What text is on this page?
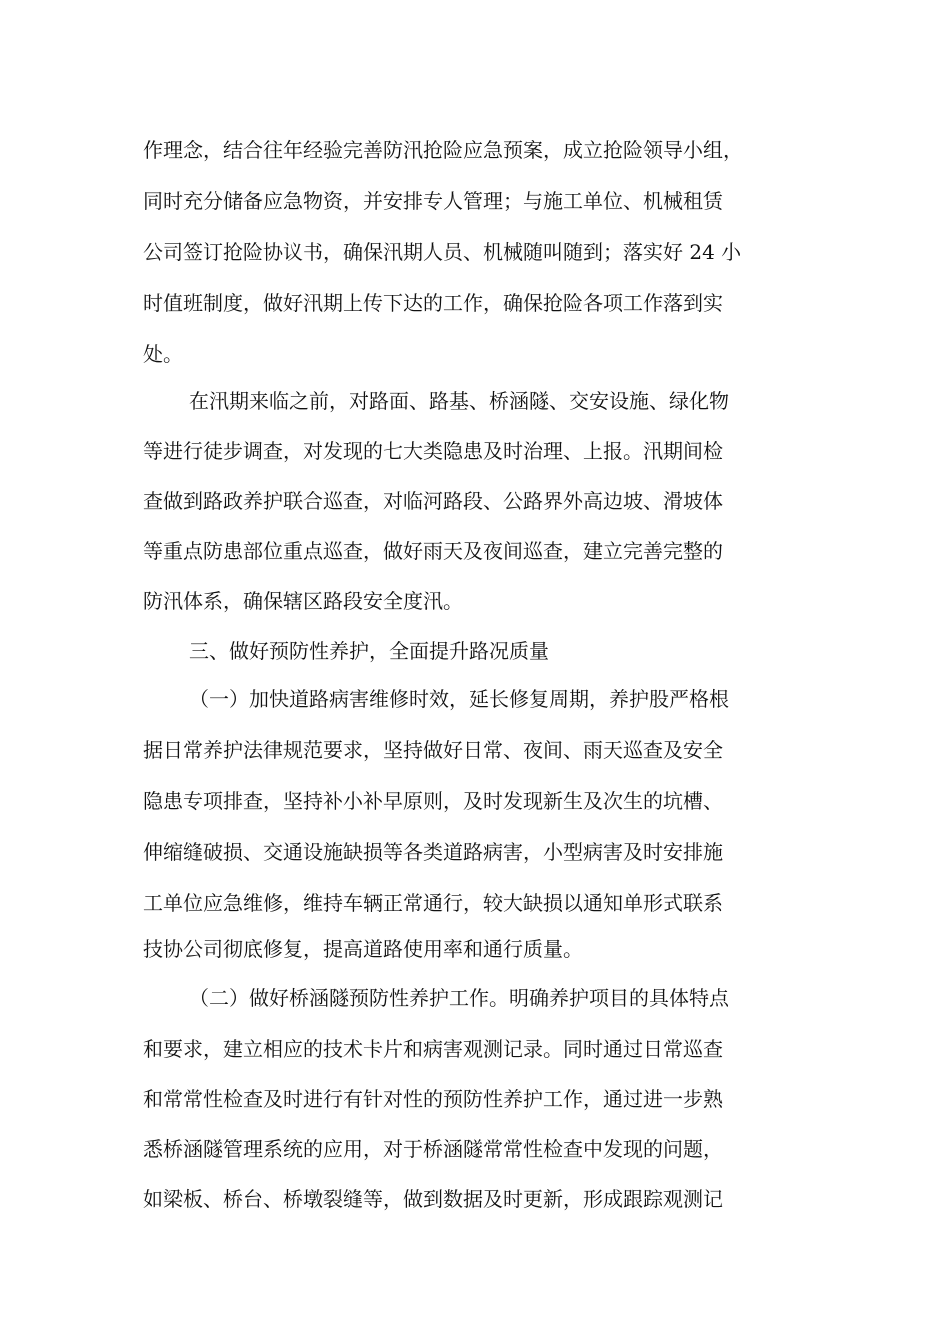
作理念，结合往年经验完善防汛抢险应急预案，成立抢险领导小组，
同时充分储备应急物资，并安排专人管理；与施工单位、机械租赁
公司签订抢险协议书，确保汛期人员、机械随叫随到；落实好 24 小
时值班制度，做好汛期上传下达的工作，确保抢险各项工作落到实
处。
在汛期来临之前，对路面、路基、桥涵隧、交安设施、绿化物
等进行徒步调查，对发现的七大类隐患及时治理、上报。汛期间检
查做到路政养护联合巡查，对临河路段、公路界外高边坡、滑坡体
等重点防患部位重点巡查，做好雨天及夜间巡查，建立完善完整的
防汛体系，确保辖区路段安全度汛。
三、做好预防性养护，全面提升路况质量
（一）加快道路病害维修时效，延长修复周期，养护股严格根
据日常养护法律规范要求，坚持做好日常、夜间、雨天巡查及安全
隐患专项排查，坚持补小补早原则，及时发现新生及次生的坑槽、
伸缩缝破损、交通设施缺损等各类道路病害，小型病害及时安排施
工单位应急维修，维持车辆正常通行，较大缺损以通知单形式联系
技协公司彻底修复，提高道路使用率和通行质量。
（二）做好桥涵隧预防性养护工作。明确养护项目的具体特点
和要求，建立相应的技术卡片和病害观测记录。同时通过日常巡查
和常常性检查及时进行有针对性的预防性养护工作，通过进一步熟
悉桥涵隧管理系统的应用，对于桥涵隧常常性检查中发现的问题，
如梁板、桥台、桥墩裂缝等，做到数据及时更新，形成跟踪观测记
